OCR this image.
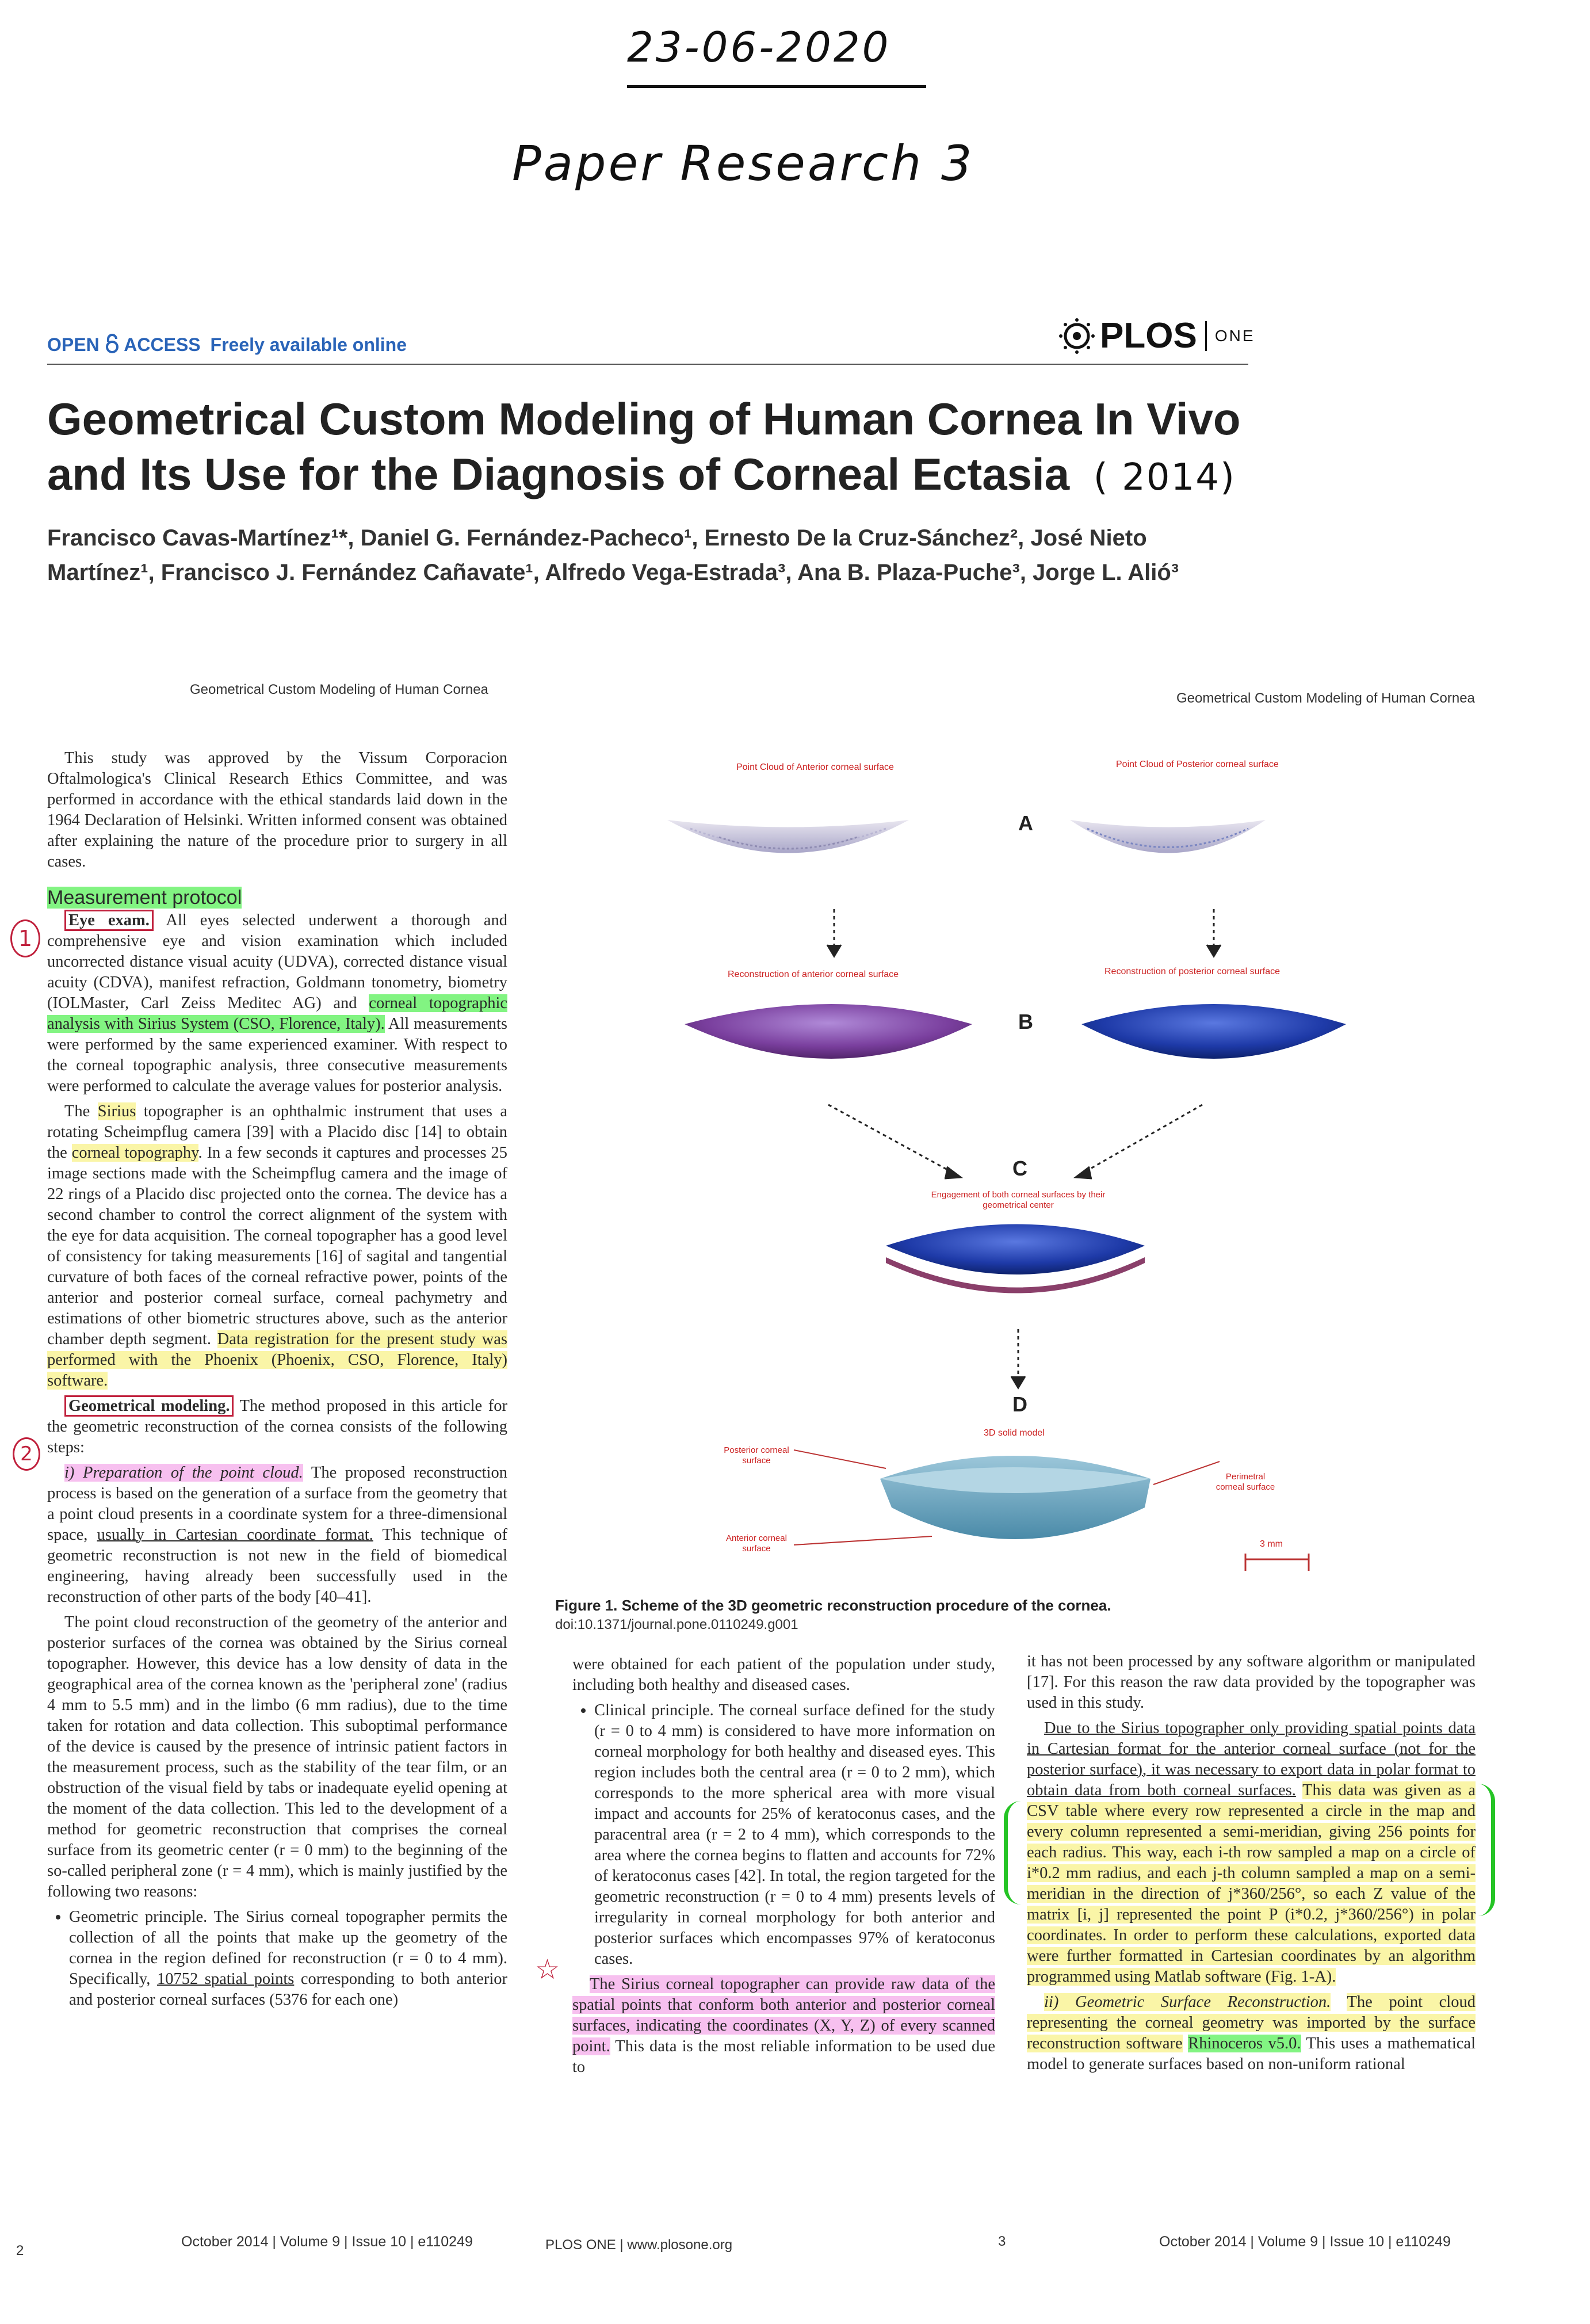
23-06-2020
Paper Research 3
OPEN ACCESS Freely available online	PLOS ONE
Geometrical Custom Modeling of Human Cornea In Vivo
and Its Use for the Diagnosis of Corneal Ectasia ( 2014)
Francisco Cavas-Martínez¹*, Daniel G. Fernández-Pacheco¹, Ernesto De la Cruz-Sánchez², José Nieto
Martínez¹, Francisco J. Fernández Cañavate¹, Alfredo Vega-Estrada³, Ana B. Plaza-Puche³, Jorge L. Alió³
Geometrical Custom Modeling of Human Cornea
Geometrical Custom Modeling of Human Cornea

This study was approved by the Vissum Corporacion Oftalmologica's Clinical Research Ethics Committee, and was performed in accordance with the ethical standards laid down in the 1964 Declaration of Helsinki. Written informed consent was obtained after explaining the nature of the procedure prior to surgery in all cases.

Measurement protocol

Eye exam. All eyes selected underwent a thorough and comprehensive eye and vision examination which included uncorrected distance visual acuity (UDVA), corrected distance visual acuity (CDVA), manifest refraction, Goldmann tonometry, biometry (IOLMaster, Carl Zeiss Meditec AG) and corneal topographic analysis with Sirius System (CSO, Florence, Italy). All measurements were performed by the same experienced examiner. With respect to the corneal topographic analysis, three consecutive measurements were performed to calculate the average values for posterior analysis.

The Sirius topographer is an ophthalmic instrument that uses a rotating Scheimpflug camera [39] with a Placido disc [14] to obtain the corneal topography. In a few seconds it captures and processes 25 image sections made with the Scheimpflug camera and the image of 22 rings of a Placido disc projected onto the cornea. The device has a second chamber to control the correct alignment of the system with the eye for data acquisition. The corneal topographer has a good level of consistency for taking measurements [16] of sagital and tangential curvature of both faces of the corneal refractive power, points of the anterior and posterior corneal surface, corneal pachymetry and estimations of other biometric structures above, such as the anterior chamber depth segment. Data registration for the present study was performed with the Phoenix (Phoenix, CSO, Florence, Italy) software.

Geometrical modeling. The method proposed in this article for the geometric reconstruction of the cornea consists of the following steps:

i) Preparation of the point cloud. The proposed reconstruction process is based on the generation of a surface from the geometry that a point cloud presents in a coordinate system for a three-dimensional space, usually in Cartesian coordinate format. This technique of geometric reconstruction is not new in the field of biomedical engineering, having already been successfully used in the reconstruction of other parts of the body [40–41].

The point cloud reconstruction of the geometry of the anterior and posterior surfaces of the cornea was obtained by the Sirius corneal topographer. However, this device has a low density of data in the geographical area of the cornea known as the 'peripheral zone' (radius 4 mm to 5.5 mm) and in the limbo (6 mm radius), due to the time taken for rotation and data collection. This suboptimal performance of the device is caused by the presence of intrinsic patient factors in the measurement process, such as the stability of the tear film, or an obstruction of the visual field by tabs or inadequate eyelid opening at the moment of the data collection. This led to the development of a method for geometric reconstruction that comprises the corneal surface from its geometric center (r = 0 mm) to the beginning of the so-called peripheral zone (r = 4 mm), which is mainly justified by the following two reasons:

• Geometric principle. The Sirius corneal topographer permits the collection of all the points that make up the geometry of the cornea in the region defined for reconstruction (r = 0 to 4 mm). Specifically, 10752 spatial points corresponding to both anterior and posterior corneal surfaces (5376 for each one)
1
2
☆
Point Cloud of Anterior corneal surface	Point Cloud of Posterior corneal surface
A
Reconstruction of anterior corneal surface	Reconstruction of posterior corneal surface
B
C
Engagement of both corneal surfaces by their geometrical center
D
3D solid model
Posterior corneal surface
Anterior corneal surface
Perimetral corneal surface
3 mm
Figure 1. Scheme of the 3D geometric reconstruction procedure of the cornea.
doi:10.1371/journal.pone.0110249.g001

were obtained for each patient of the population under study, including both healthy and diseased cases.

• Clinical principle. The corneal surface defined for the study (r = 0 to 4 mm) is considered to have more information on corneal morphology for both healthy and diseased eyes. This region includes both the central area (r = 0 to 2 mm), which corresponds to the more spherical area with more visual impact and accounts for 25% of keratoconus cases, and the paracentral area (r = 2 to 4 mm), which corresponds to the area where the cornea begins to flatten and accounts for 72% of keratoconus cases [42]. In total, the region targeted for the geometric reconstruction (r = 0 to 4 mm) presents levels of irregularity in corneal morphology for both anterior and posterior surfaces which encompasses 97% of keratoconus cases.

The Sirius corneal topographer can provide raw data of the spatial points that conform both anterior and posterior corneal surfaces, indicating the coordinates (X, Y, Z) of every scanned point. This data is the most reliable information to be used due to

it has not been processed by any software algorithm or manipulated [17]. For this reason the raw data provided by the topographer was used in this study.

Due to the Sirius topographer only providing spatial points data in Cartesian format for the anterior corneal surface (not for the posterior surface), it was necessary to export data in polar format to obtain data from both corneal surfaces. This data was given as a CSV table where every row represented a circle in the map and every column represented a semi-meridian, giving 256 points for each radius. This way, each i-th row sampled a map on a circle of i*0.2 mm radius, and each j-th column sampled a map on a semi-meridian in the direction of j*360/256°, so each Z value of the matrix [i, j] represented the point P (i*0.2, j*360/256°) in polar coordinates. In order to perform these calculations, exported data were further formatted in Cartesian coordinates by an algorithm programmed using Matlab software (Fig. 1-A).

ii) Geometric Surface Reconstruction. The point cloud representing the corneal geometry was imported by the surface reconstruction software Rhinoceros v5.0. This uses a mathematical model to generate surfaces based on non-uniform rational

2
October 2014 | Volume 9 | Issue 10 | e110249	PLOS ONE | www.plosone.org	3	October 2014 | Volume 9 | Issue 10 | e110249
